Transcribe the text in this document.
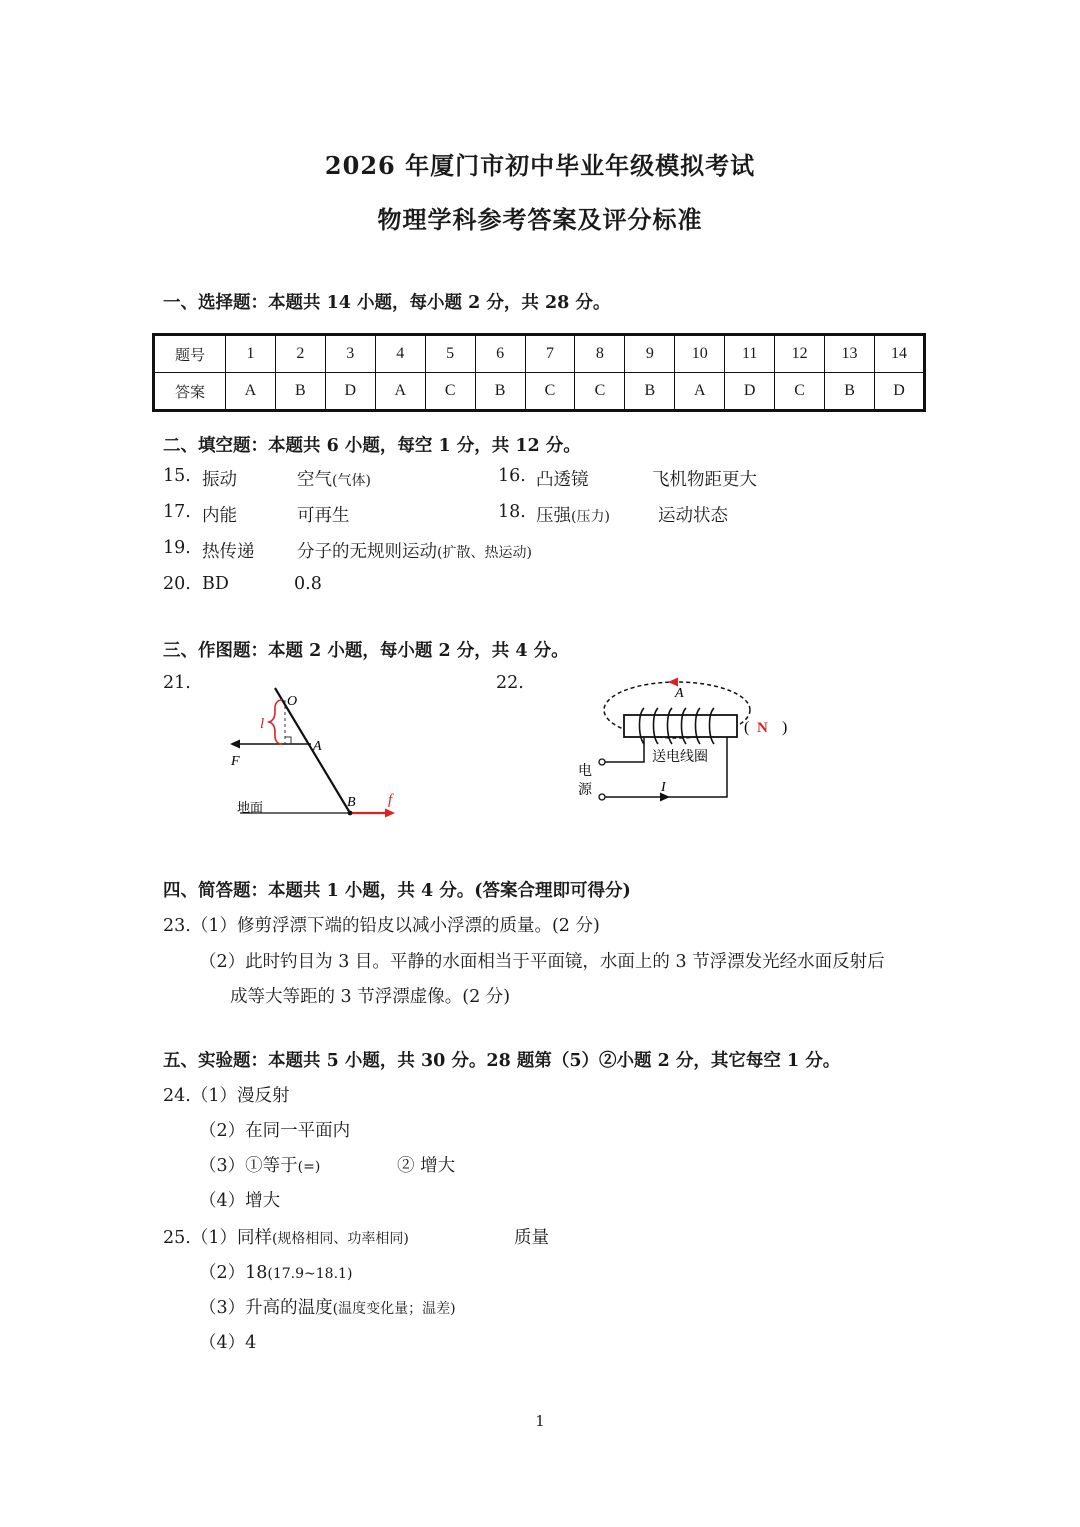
2026 年厦门市初中毕业年级模拟考试
物理学科参考答案及评分标准
一、选择题：本题共 14 小题，每小题 2 分，共 28 分。
题号	1	2	3	4	5	6	7	8	9	10	11	12	13	14
答案	A	B	D	A	C	B	C	C	B	A	D	C	B	D
二、填空题：本题共 6 小题，每空 1 分，共 12 分。
15. 振动	空气(气体)	16. 凸透镜	飞机物距更大
17. 内能	可再生	18. 压强(压力)	运动状态
19. 热传递 分子的无规则运动(扩散、热运动)
20. BD	0.8
三、作图题：本题 2 小题，每小题 2 分，共 4 分。
21.	22.
O
A
B
F
l
f
地面
A
( N )
送电线圈
I
电
源
四、简答题：本题共 1 小题，共 4 分。(答案合理即可得分)
23.（1）修剪浮漂下端的铅皮以减小浮漂的质量。(2 分)
（2）此时钓目为 3 目。平静的水面相当于平面镜，水面上的 3 节浮漂发光经水面反射后
成等大等距的 3 节浮漂虚像。(2 分)
五、实验题：本题共 5 小题，共 30 分。28 题第（5）②小题 2 分，其它每空 1 分。
24.（1）漫反射
（2）在同一平面内
（3）①等于(=)	② 增大
（4）增大
25.（1）同样(规格相同、功率相同)	质量
（2）18(17.9~18.1)
（3）升高的温度(温度变化量；温差)
（4）4
1
